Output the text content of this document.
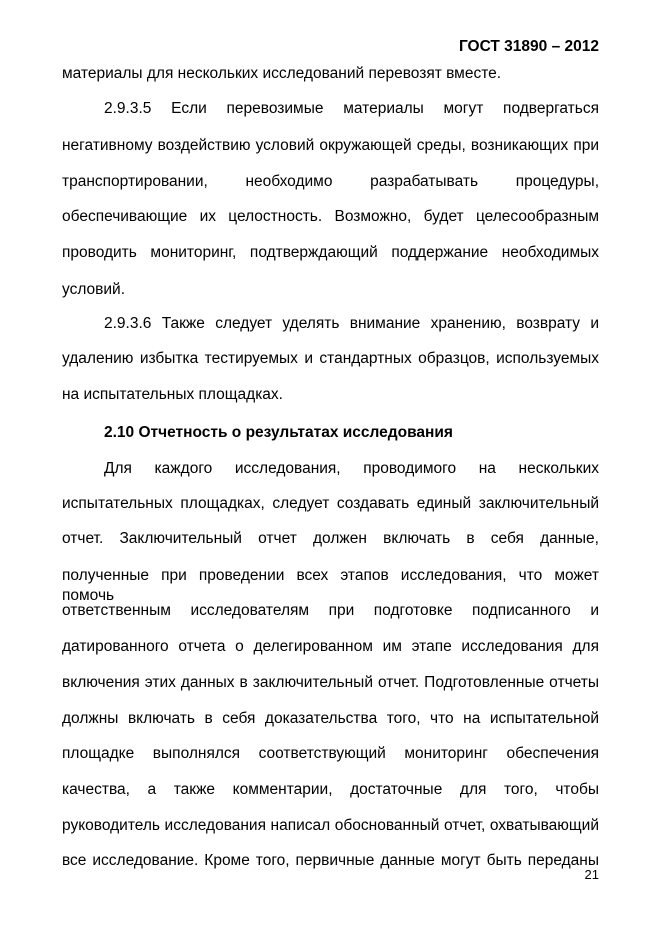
ГОСТ 31890 – 2012
материалы для нескольких исследований перевозят вместе.
2.9.3.5 Если перевозимые материалы могут подвергаться
негативному воздействию условий окружающей среды, возникающих при
транспортировании, необходимо разрабатывать процедуры,
обеспечивающие их целостность. Возможно, будет целесообразным
проводить мониторинг, подтверждающий поддержание необходимых
условий.
2.9.3.6 Также следует уделять внимание хранению, возврату и
удалению избытка тестируемых и стандартных образцов, используемых
на испытательных площадках.
2.10 Отчетность о результатах исследования
Для каждого исследования, проводимого на нескольких
испытательных площадках, следует создавать единый заключительный
отчет. Заключительный отчет должен включать в себя данные,
полученные при проведении всех этапов исследования, что может помочь
ответственным исследователям при подготовке подписанного и
датированного отчета о делегированном им этапе исследования для
включения этих данных в заключительный отчет. Подготовленные отчеты
должны включать в себя доказательства того, что на испытательной
площадке выполнялся соответствующий мониторинг обеспечения
качества, а также комментарии, достаточные для того, чтобы
руководитель исследования написал обоснованный отчет, охватывающий
все исследование. Кроме того, первичные данные могут быть переданы
21
